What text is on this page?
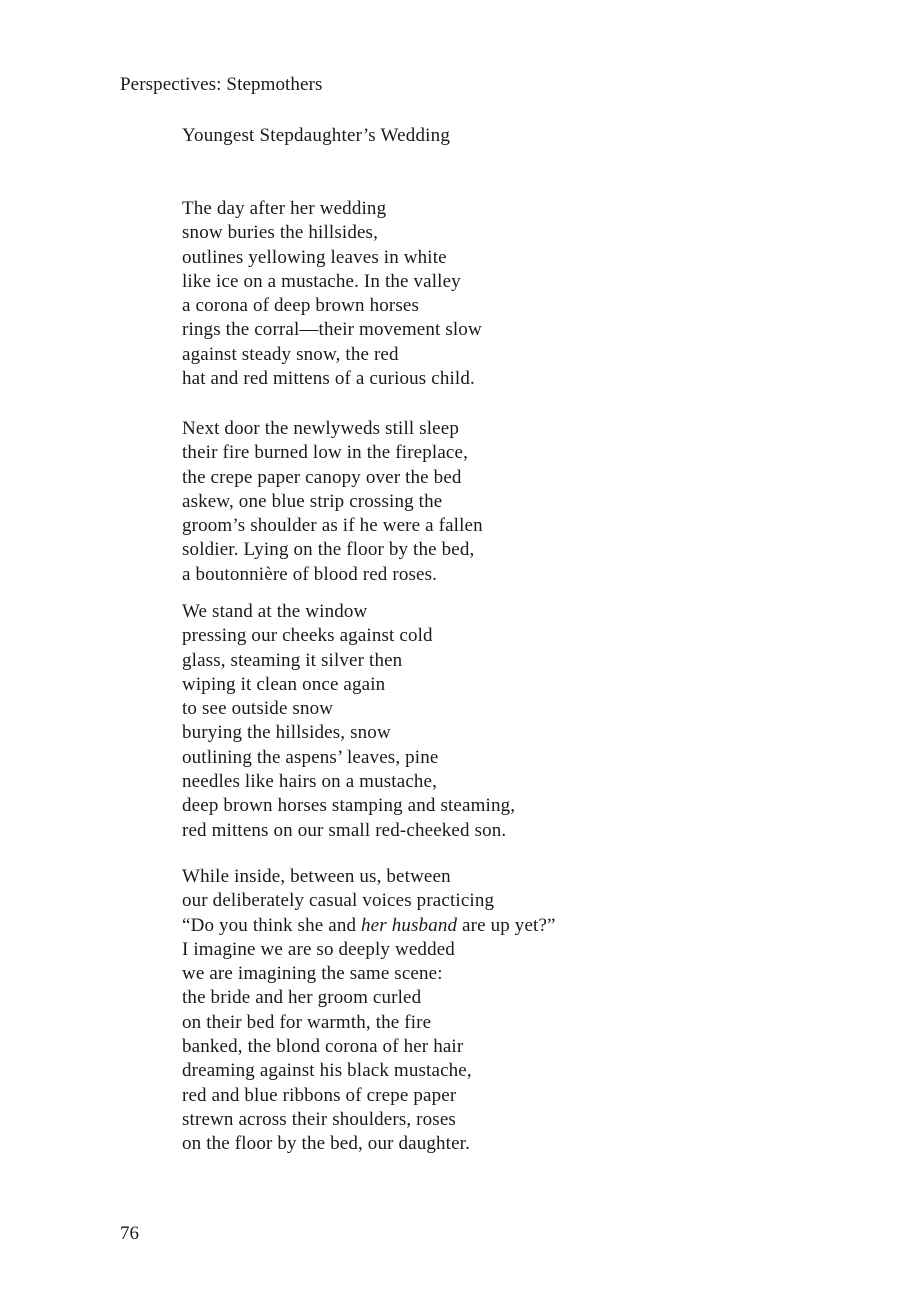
Perspectives: Stepmothers
Youngest Stepdaughter’s Wedding
The day after her wedding
snow buries the hillsides,
outlines yellowing leaves in white
like ice on a mustache. In the valley
a corona of deep brown horses
rings the corral—their movement slow
against steady snow, the red
hat and red mittens of a curious child.
Next door the newlyweds still sleep
their fire burned low in the fireplace,
the crepe paper canopy over the bed
askew, one blue strip crossing the
groom’s shoulder as if he were a fallen
soldier. Lying on the floor by the bed,
a boutonnière of blood red roses.
We stand at the window
pressing our cheeks against cold
glass, steaming it silver then
wiping it clean once again
to see outside snow
burying the hillsides, snow
outlining the aspens’ leaves, pine
needles like hairs on a mustache,
deep brown horses stamping and steaming,
red mittens on our small red-cheeked son.
While inside, between us, between
our deliberately casual voices practicing
“Do you think she and her husband are up yet?”
I imagine we are so deeply wedded
we are imagining the same scene:
the bride and her groom curled
on their bed for warmth, the fire
banked, the blond corona of her hair
dreaming against his black mustache,
red and blue ribbons of crepe paper
strewn across their shoulders, roses
on the floor by the bed, our daughter.
76
